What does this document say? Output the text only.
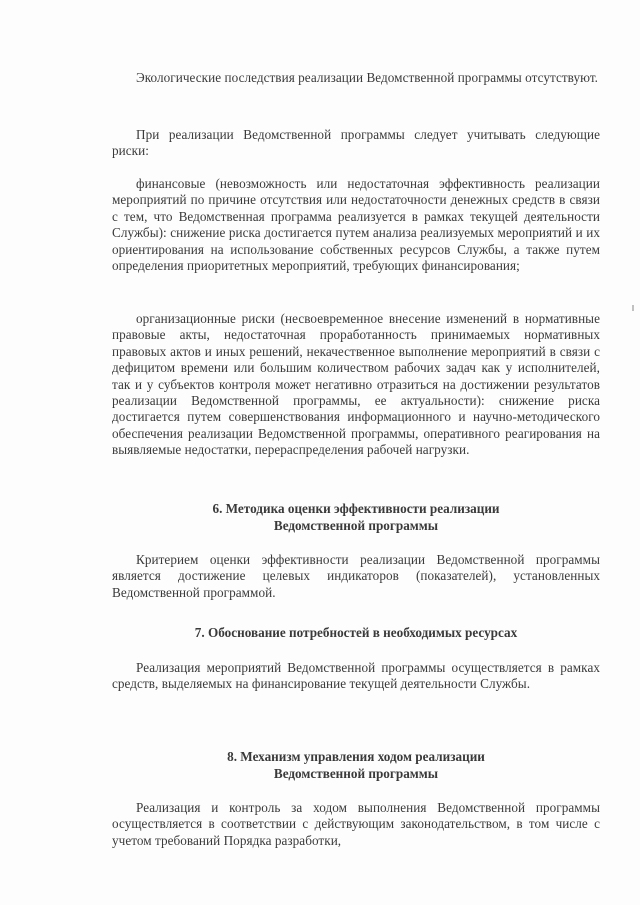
Экологические последствия реализации Ведомственной программы отсутствуют.

При реализации Ведомственной программы следует учитывать следующие риски:

финансовые (невозможность или недостаточная эффективность реализации мероприятий по причине отсутствия или недостаточности денежных средств в связи с тем, что Ведомственная программа реализуется в рамках текущей деятельности Службы): снижение риска достигается путем анализа реализуемых мероприятий и их ориентирования на использование собственных ресурсов Службы, а также путем определения приоритетных мероприятий, требующих финансирования;

организационные риски (несвоевременное внесение изменений в нормативные правовые акты, недостаточная проработанность принимаемых нормативных правовых актов и иных решений, некачественное выполнение мероприятий в связи с дефицитом времени или большим количеством рабочих задач как у исполнителей, так и у субъектов контроля может негативно отразиться на достижении результатов реализации Ведомственной программы, ее актуальности): снижение риска достигается путем совершенствования информационного и научно-методического обеспечения реализации Ведомственной программы, оперативного реагирования на выявляемые недостатки, перераспределения рабочей нагрузки.

6. Методика оценки эффективности реализации
Ведомственной программы

Критерием оценки эффективности реализации Ведомственной программы является достижение целевых индикаторов (показателей), установленных Ведомственной программой.

7. Обоснование потребностей в необходимых ресурсах

Реализация мероприятий Ведомственной программы осуществляется в рамках средств, выделяемых на финансирование текущей деятельности Службы.

8. Механизм управления ходом реализации
Ведомственной программы

Реализация и контроль за ходом выполнения Ведомственной программы осуществляется в соответствии с действующим законодательством, в том числе с учетом требований Порядка разработки,
